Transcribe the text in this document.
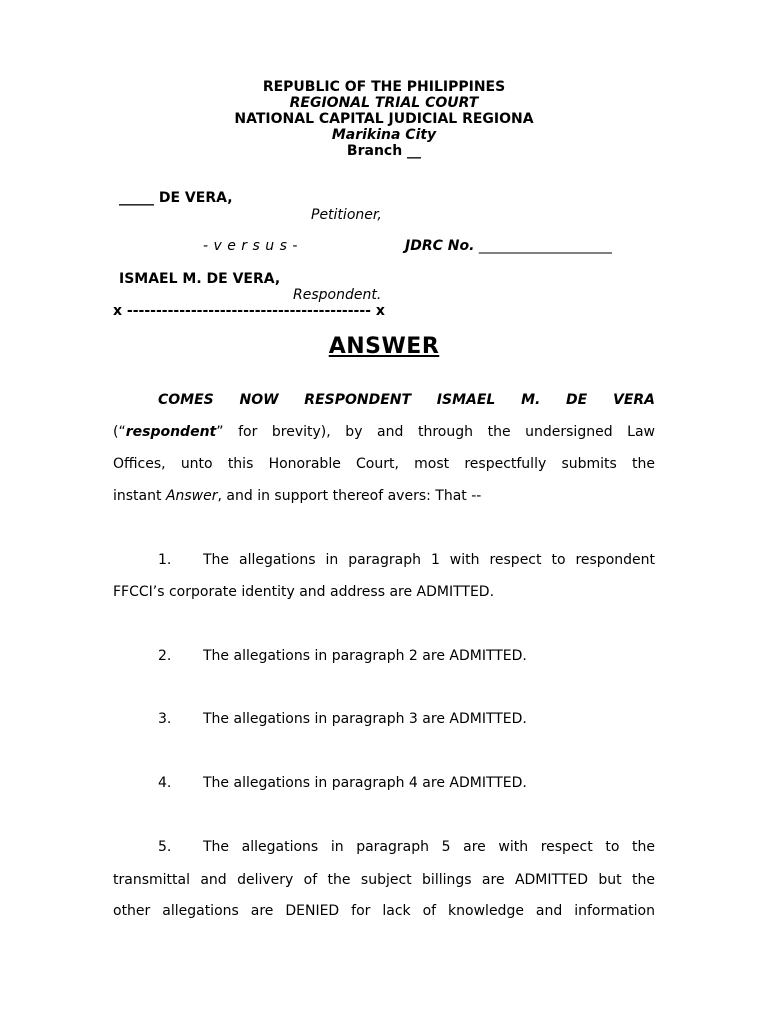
REPUBLIC OF THE PHILIPPINES
REGIONAL TRIAL COURT
NATIONAL CAPITAL JUDICIAL REGIONA
Marikina City
Branch __
_____ DE VERA,
Petitioner,
- v e r s u s -	JDRC No. ___________________
ISMAEL M. DE VERA,
Respondent.
x ------------------------------------------ x
ANSWER
COMES NOW RESPONDENT ISMAEL M. DE VERA
(“respondent” for brevity), by and through the undersigned Law
Offices, unto this Honorable Court, most respectfully submits the
instant Answer, and in support thereof avers: That --
1. The allegations in paragraph 1 with respect to respondent
FFCCI’s corporate identity and address are ADMITTED.
2. The allegations in paragraph 2 are ADMITTED.
3. The allegations in paragraph 3 are ADMITTED.
4. The allegations in paragraph 4 are ADMITTED.
5. The allegations in paragraph 5 are with respect to the
transmittal and delivery of the subject billings are ADMITTED but the
other allegations are DENIED for lack of knowledge and information
